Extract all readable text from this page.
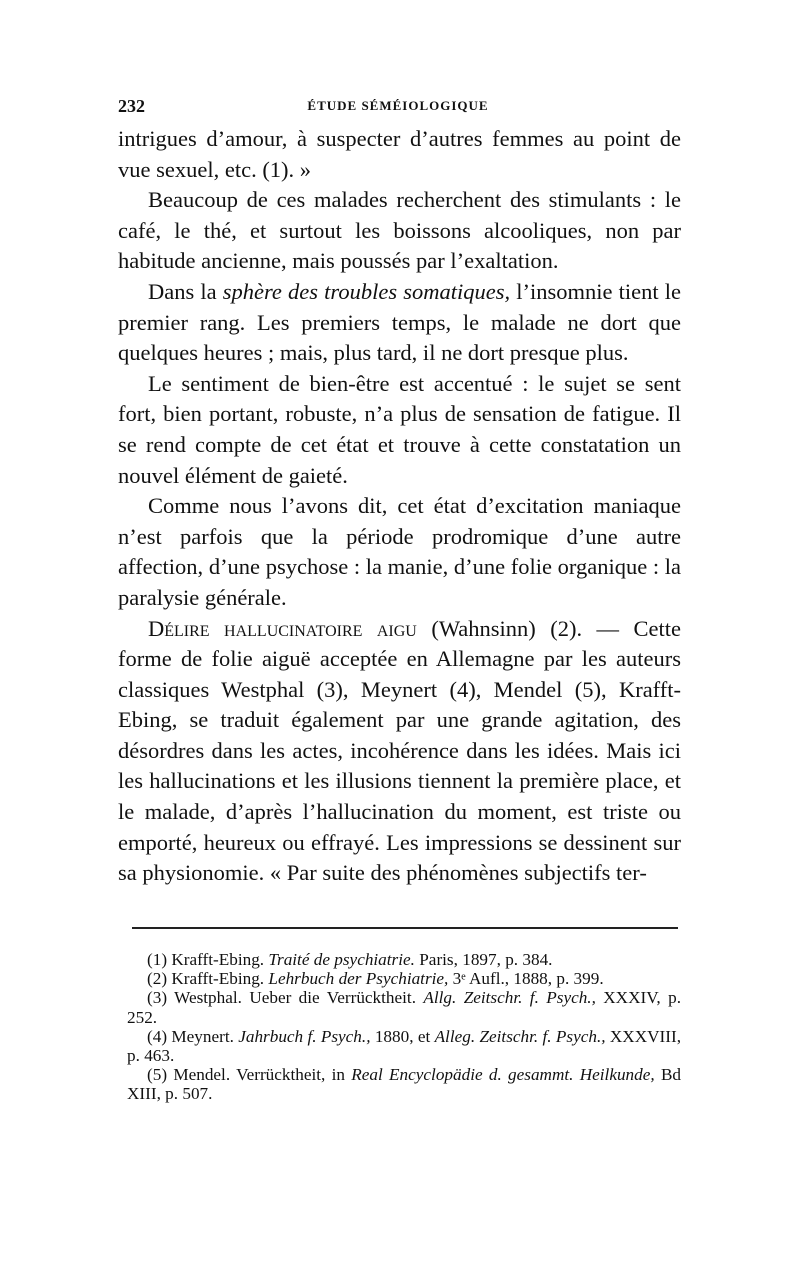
232	ÉTUDE SÉMÉIOLOGIQUE

intrigues d’amour, à suspecter d’autres femmes au point de vue sexuel, etc. (1). »

Beaucoup de ces malades recherchent des stimulants : le café, le thé, et surtout les boissons alcooliques, non par habitude ancienne, mais poussés par l’exaltation.

Dans la sphère des troubles somatiques, l’insomnie tient le premier rang. Les premiers temps, le malade ne dort que quelques heures ; mais, plus tard, il ne dort presque plus.

Le sentiment de bien-être est accentué : le sujet se sent fort, bien portant, robuste, n’a plus de sensation de fatigue. Il se rend compte de cet état et trouve à cette constatation un nouvel élément de gaieté.

Comme nous l’avons dit, cet état d’excitation maniaque n’est parfois que la période prodromique d’une autre affection, d’une psychose : la manie, d’une folie organique : la paralysie générale.

Délire hallucinatoire aigu (Wahnsinn) (2). — Cette forme de folie aiguë acceptée en Allemagne par les auteurs classiques Westphal (3), Meynert (4), Mendel (5), Krafft-Ebing, se traduit également par une grande agitation, des désordres dans les actes, incohérence dans les idées. Mais ici les hallucinations et les illusions tiennent la première place, et le malade, d’après l’hallucination du moment, est triste ou emporté, heureux ou effrayé. Les impressions se dessinent sur sa physionomie. « Par suite des phénomènes subjectifs ter-

(1) Krafft-Ebing. Traité de psychiatrie. Paris, 1897, p. 384.

(2) Krafft-Ebing. Lehrbuch der Psychiatrie, 3ᵉ Aufl., 1888, p. 399.

(3) Westphal. Ueber die Verrücktheit. Allg. Zeitschr. f. Psych., XXXIV, p. 252.

(4) Meynert. Jahrbuch f. Psych., 1880, et Alleg. Zeitschr. f. Psych., XXXVIII, p. 463.

(5) Mendel. Verrücktheit, in Real Encyclopädie d. gesammt. Heilkunde, Bd XIII, p. 507.
